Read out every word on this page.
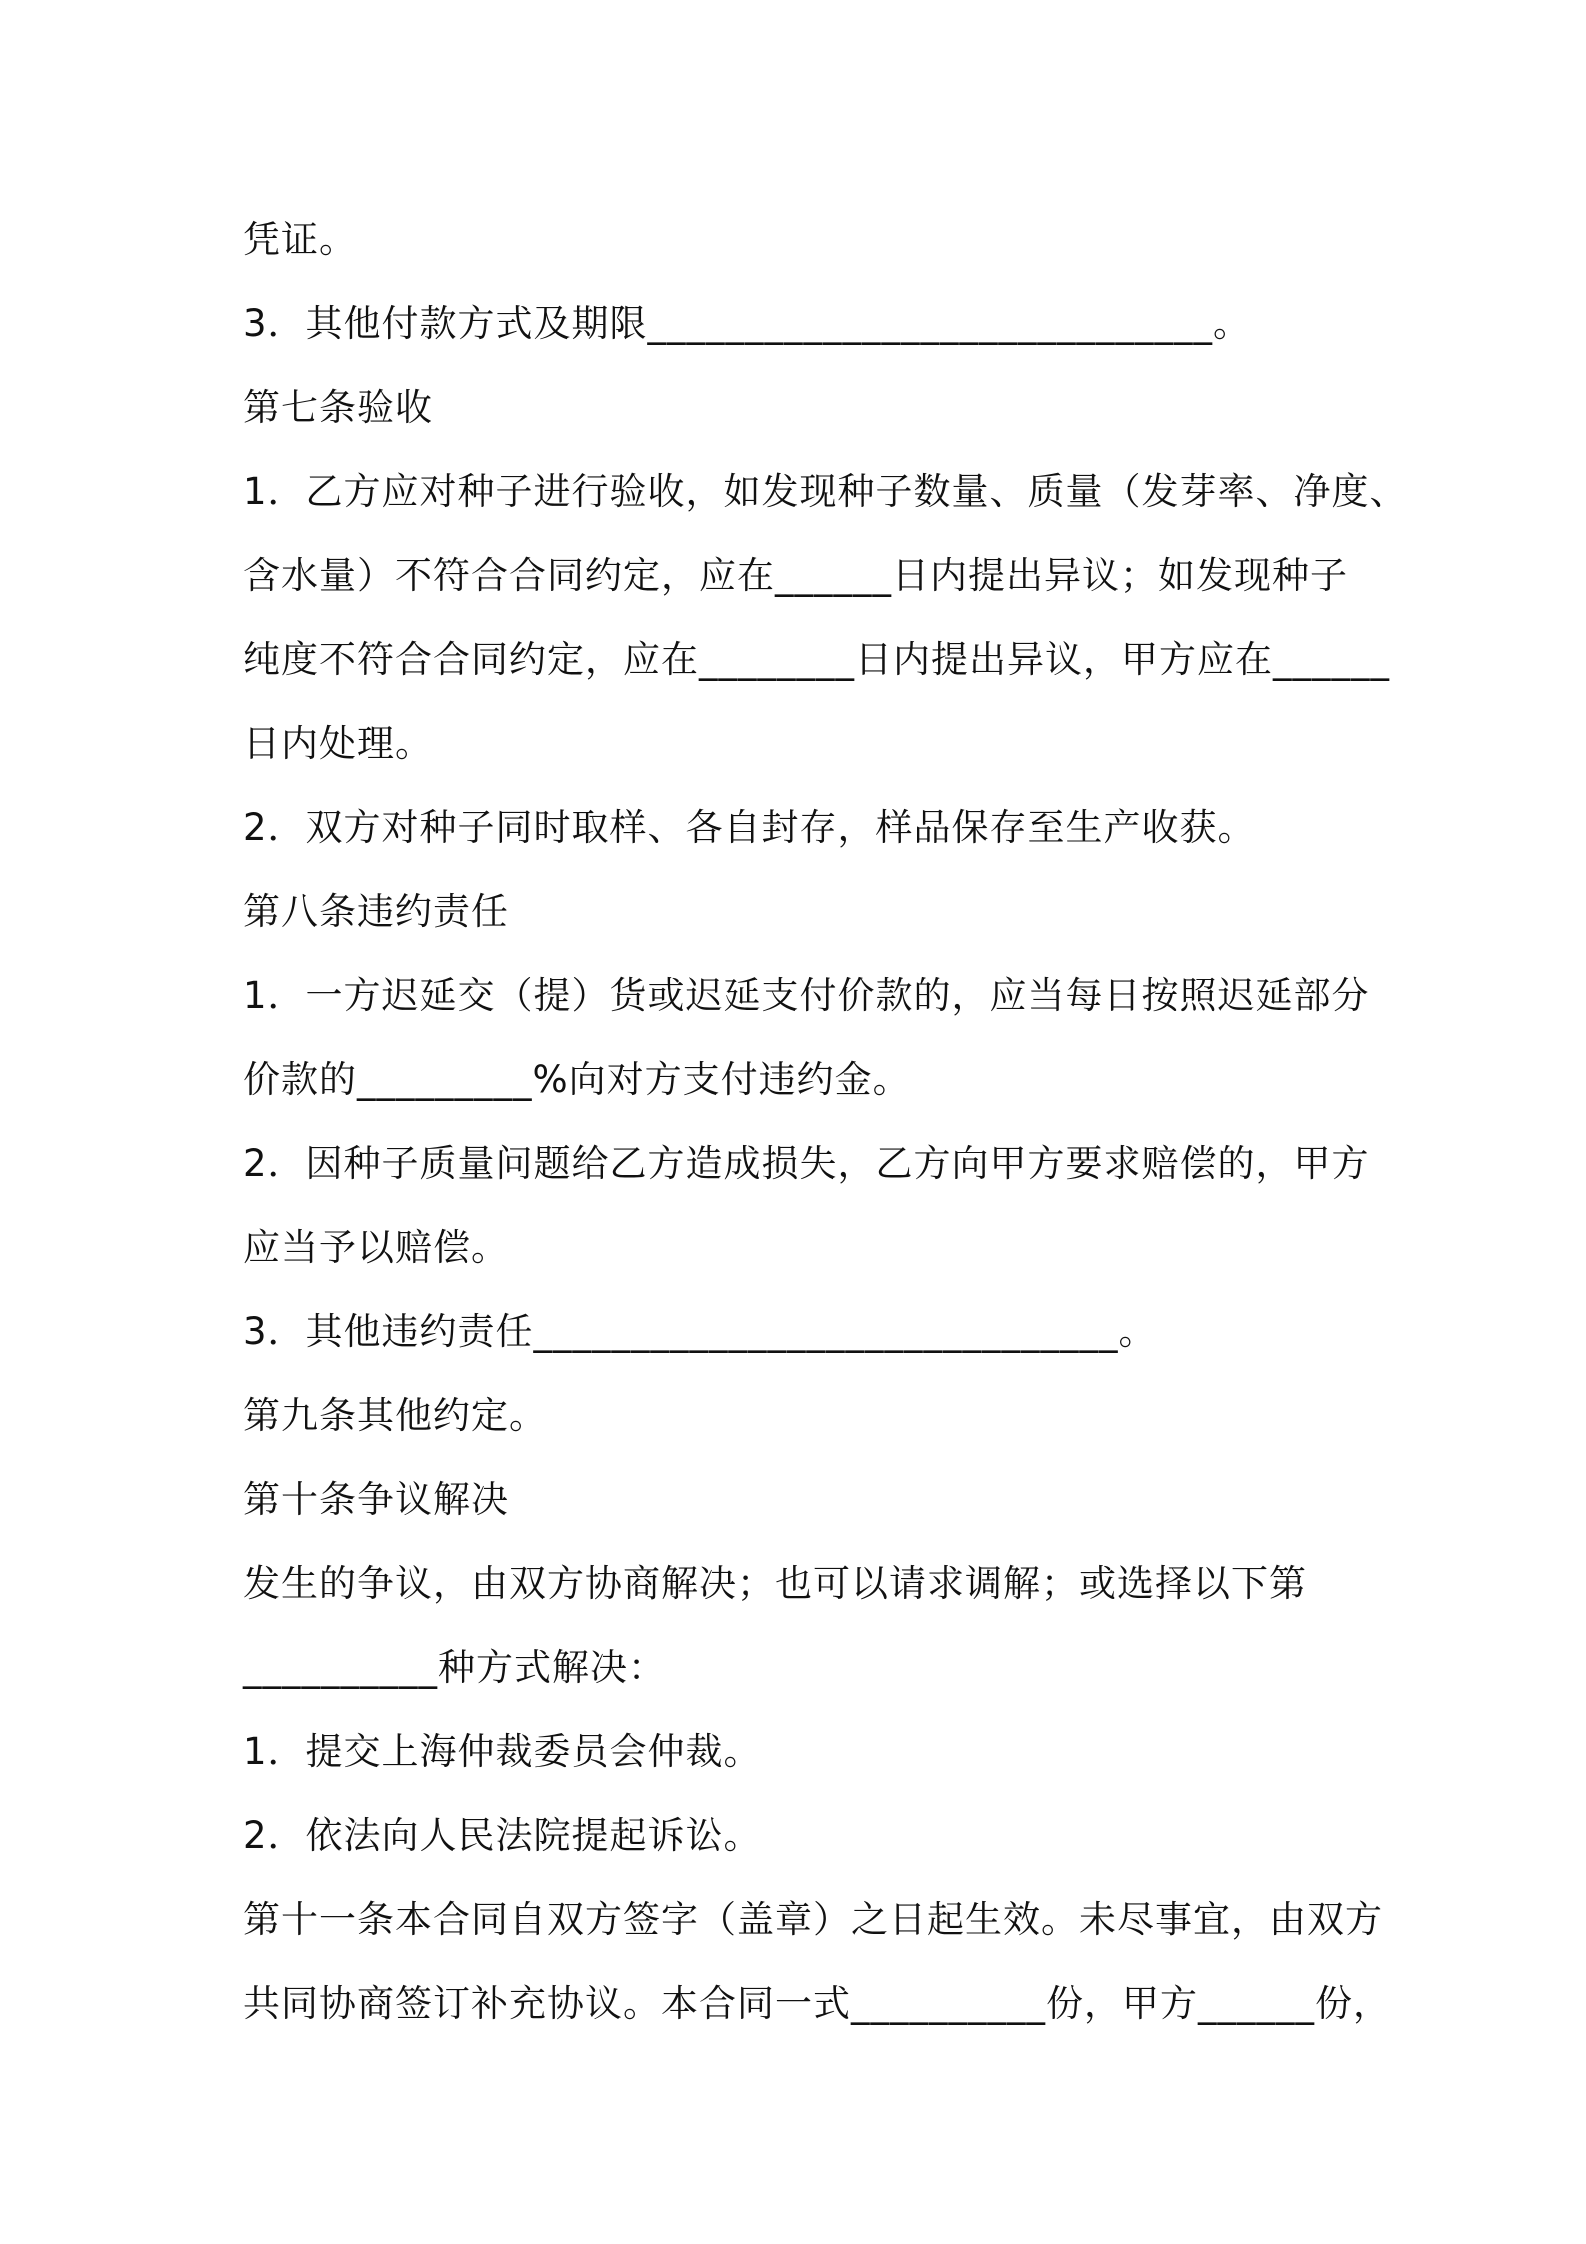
凭证。
3．其他付款方式及期限_____________________________。
第七条验收
1．乙方应对种子进行验收，如发现种子数量、质量（发芽率、净度、
含水量）不符合合同约定，应在______日内提出异议；如发现种子
纯度不符合合同约定，应在________日内提出异议，甲方应在______
日内处理。
2．双方对种子同时取样、各自封存，样品保存至生产收获。
第八条违约责任
1．一方迟延交（提）货或迟延支付价款的，应当每日按照迟延部分
价款的_________%向对方支付违约金。
2．因种子质量问题给乙方造成损失，乙方向甲方要求赔偿的，甲方
应当予以赔偿。
3．其他违约责任______________________________。
第九条其他约定。
第十条争议解决
发生的争议，由双方协商解决；也可以请求调解；或选择以下第
__________种方式解决：
1．提交上海仲裁委员会仲裁。
2．依法向人民法院提起诉讼。
第十一条本合同自双方签字（盖章）之日起生效。未尽事宜，由双方
共同协商签订补充协议。本合同一式__________份，甲方______份，
